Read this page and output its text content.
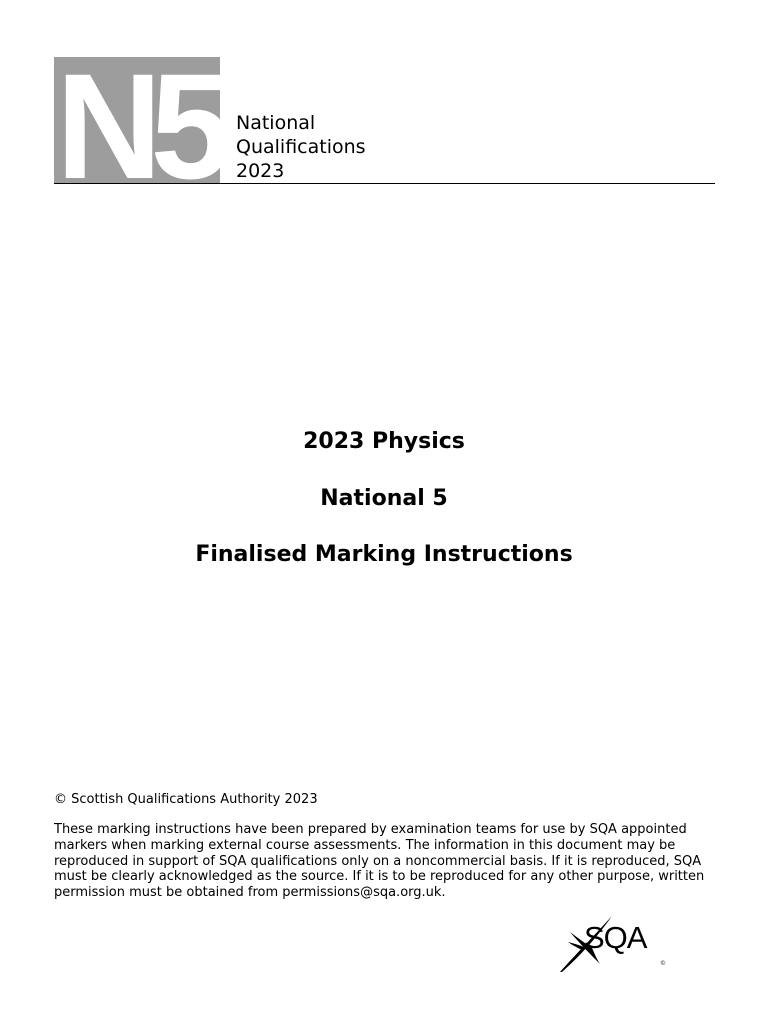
N5 National
Qualifications
2023
2023 Physics
National 5
Finalised Marking Instructions
© Scottish Qualifications Authority 2023
These marking instructions have been prepared by examination teams for use by SQA appointed
markers when marking external course assessments. The information in this document may be
reproduced in support of SQA qualifications only on a noncommercial basis. If it is reproduced, SQA
must be clearly acknowledged as the source. If it is to be reproduced for any other purpose, written
permission must be obtained from permissions@sqa.org.uk.
SQA
©
